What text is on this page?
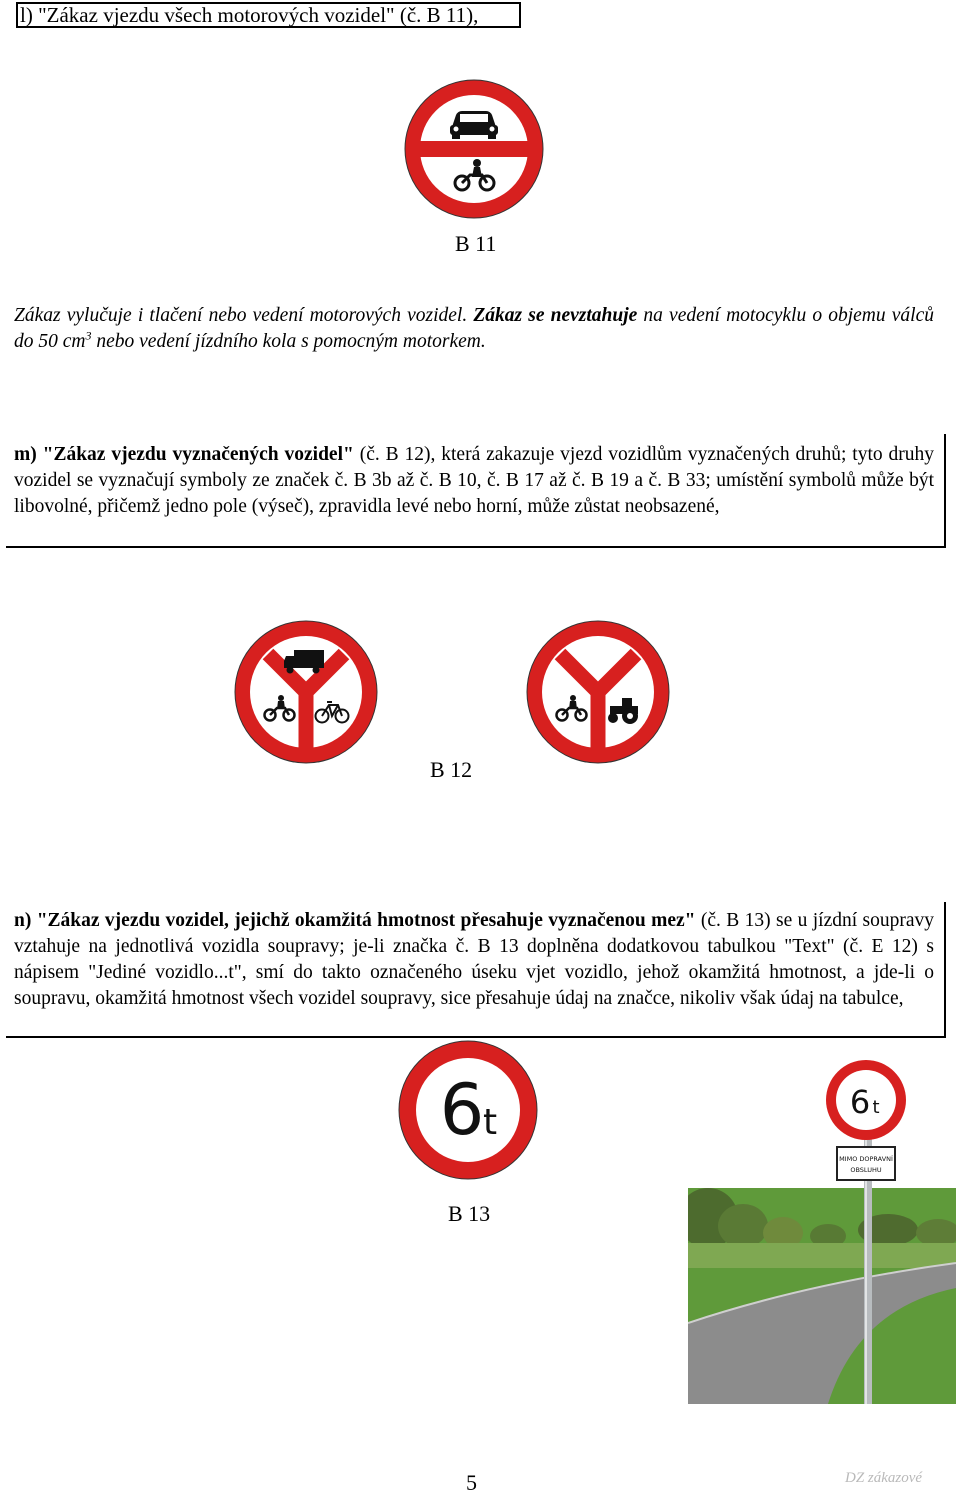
l) "Zákaz vjezdu všech motorových vozidel" (č. B 11),
B 11

Zákaz vylučuje i tlačení nebo vedení motorových vozidel. Zákaz se nevztahuje na vedení motocyklu o objemu válců do 50 $cm^3$ nebo vedení jízdního kola s pomocným motorkem.

m) "Zákaz vjezdu vyznačených vozidel" (č. B 12), která zakazuje vjezd vozidlům vyznačených druhů; tyto druhy vozidel se vyznačují symboly ze značek č. B 3b až č. B 10, č. B 17 až č. B 19 a č. B 33; umístění symbolů může být libovolné, přičemž jedno pole (výseč), zpravidla levé nebo horní, může zůstat neobsazené,

B 12

n) "Zákaz vjezdu vozidel, jejichž okamžitá hmotnost přesahuje vyznačenou mez" (č. B 13) se u jízdní soupravy vztahuje na jednotlivá vozidla soupravy; je-li značka č. B 13 doplněna dodatkovou tabulkou "Text" (č. E 12) s nápisem "Jediné vozidlo...t", smí do takto označeného úseku vjet vozidlo, jehož okamžitá hmotnost, a jde-li o soupravu, okamžitá hmotnost všech vozidel soupravy, sice přesahuje údaj na značce, nikoliv však údaj na tabulce,

6
t
B 13
6 t
MIMO DOPRAVNÍ
OBSLUHU
5	DZ zákazové
